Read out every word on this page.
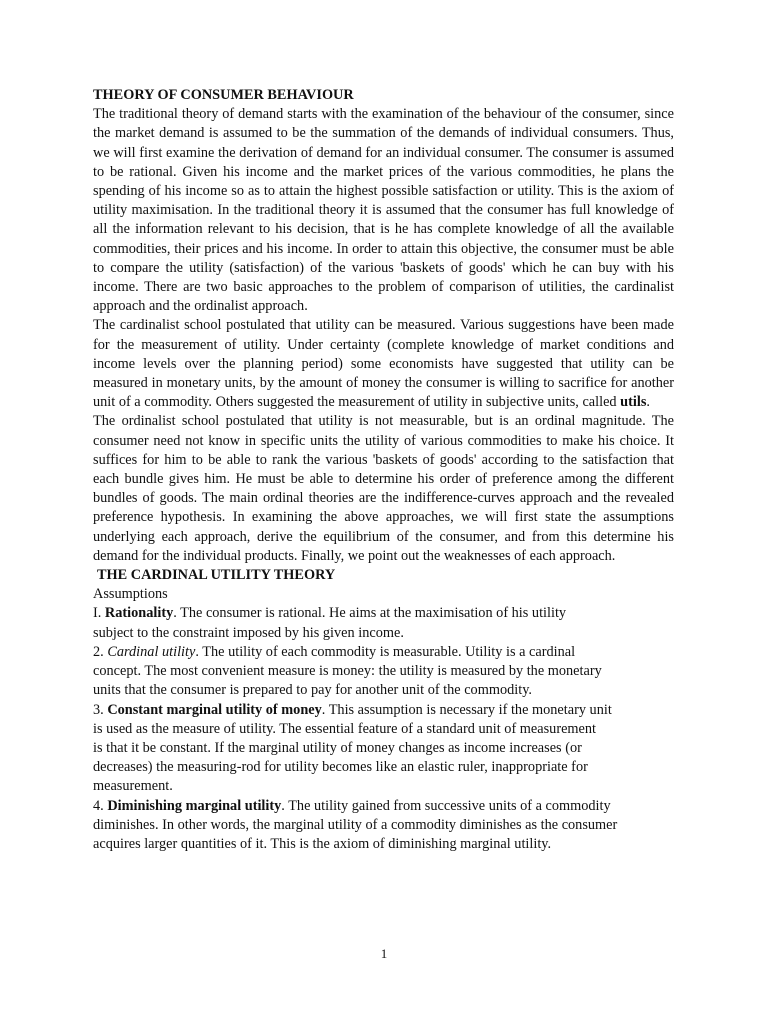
THEORY OF CONSUMER BEHAVIOUR

The traditional theory of demand starts with the examination of the behaviour of the consumer, since the market demand is assumed to be the summation of the demands of individual consumers. Thus, we will first examine the derivation of demand for an individual consumer. The consumer is assumed to be rational. Given his income and the market prices of the various commodities, he plans the spending of his income so as to attain the highest possible satisfaction or utility. This is the axiom of utility maximisation. In the traditional theory it is assumed that the consumer has full knowledge of all the information relevant to his decision, that is he has complete knowledge of all the available commodities, their prices and his income. In order to attain this objective, the consumer must be able to compare the utility (satisfaction) of the various 'baskets of goods' which he can buy with his income. There are two basic approaches to the problem of comparison of utilities, the cardinalist approach and the ordinalist approach.

The cardinalist school postulated that utility can be measured. Various suggestions have been made for the measurement of utility. Under certainty (complete knowledge of market conditions and income levels over the planning period) some economists have suggested that utility can be measured in monetary units, by the amount of money the consumer is willing to sacrifice for another unit of a commodity. Others suggested the measurement of utility in subjective units, called utils.

The ordinalist school postulated that utility is not measurable, but is an ordinal magnitude. The consumer need not know in specific units the utility of various commodities to make his choice. It suffices for him to be able to rank the various 'baskets of goods' according to the satisfaction that each bundle gives him. He must be able to determine his order of preference among the different bundles of goods. The main ordinal theories are the indifference-curves approach and the revealed preference hypothesis. In examining the above approaches, we will first state the assumptions underlying each approach, derive the equilibrium of the consumer, and from this determine his demand for the individual products. Finally, we point out the weaknesses of each approach.

THE CARDINAL UTILITY THEORY

Assumptions

I. Rationality. The consumer is rational. He aims at the maximisation of his utility
subject to the constraint imposed by his given income.
2. Cardinal utility. The utility of each commodity is measurable. Utility is a cardinal
concept. The most convenient measure is money: the utility is measured by the monetary
units that the consumer is prepared to pay for another unit of the commodity.
3. Constant marginal utility of money. This assumption is necessary if the monetary unit
is used as the measure of utility. The essential feature of a standard unit of measurement
is that it be constant. If the marginal utility of money changes as income increases (or
decreases) the measuring-rod for utility becomes like an elastic ruler, inappropriate for
measurement.
4. Diminishing marginal utility. The utility gained from successive units of a commodity
diminishes. In other words, the marginal utility of a commodity diminishes as the consumer
acquires larger quantities of it. This is the axiom of diminishing marginal utility.
1
